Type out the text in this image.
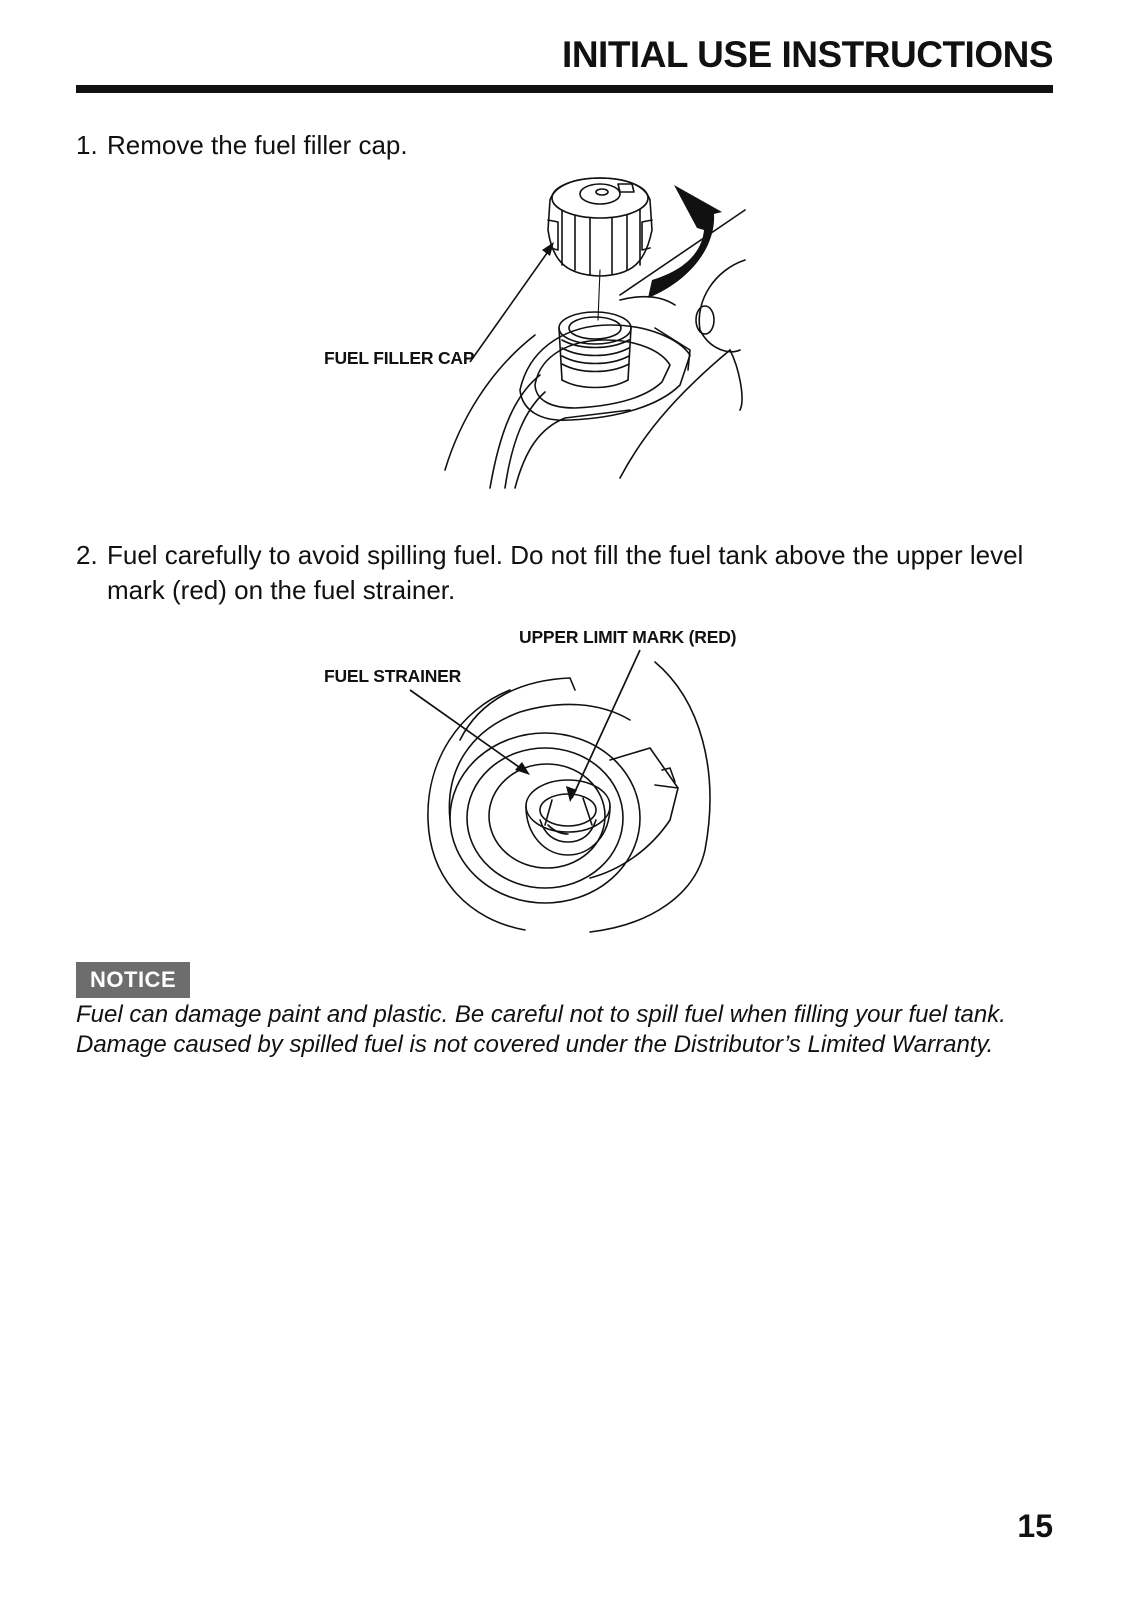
INITIAL USE INSTRUCTIONS
1. Remove the fuel filler cap.
FUEL FILLER CAP
2. Fuel carefully to avoid spilling fuel. Do not fill the fuel tank above the upper level mark (red) on the fuel strainer.
FUEL STRAINER
UPPER LIMIT MARK (RED)
NOTICE
Fuel can damage paint and plastic. Be careful not to spill fuel when filling your fuel tank. Damage caused by spilled fuel is not covered under the Distributor’s Limited Warranty.
15
